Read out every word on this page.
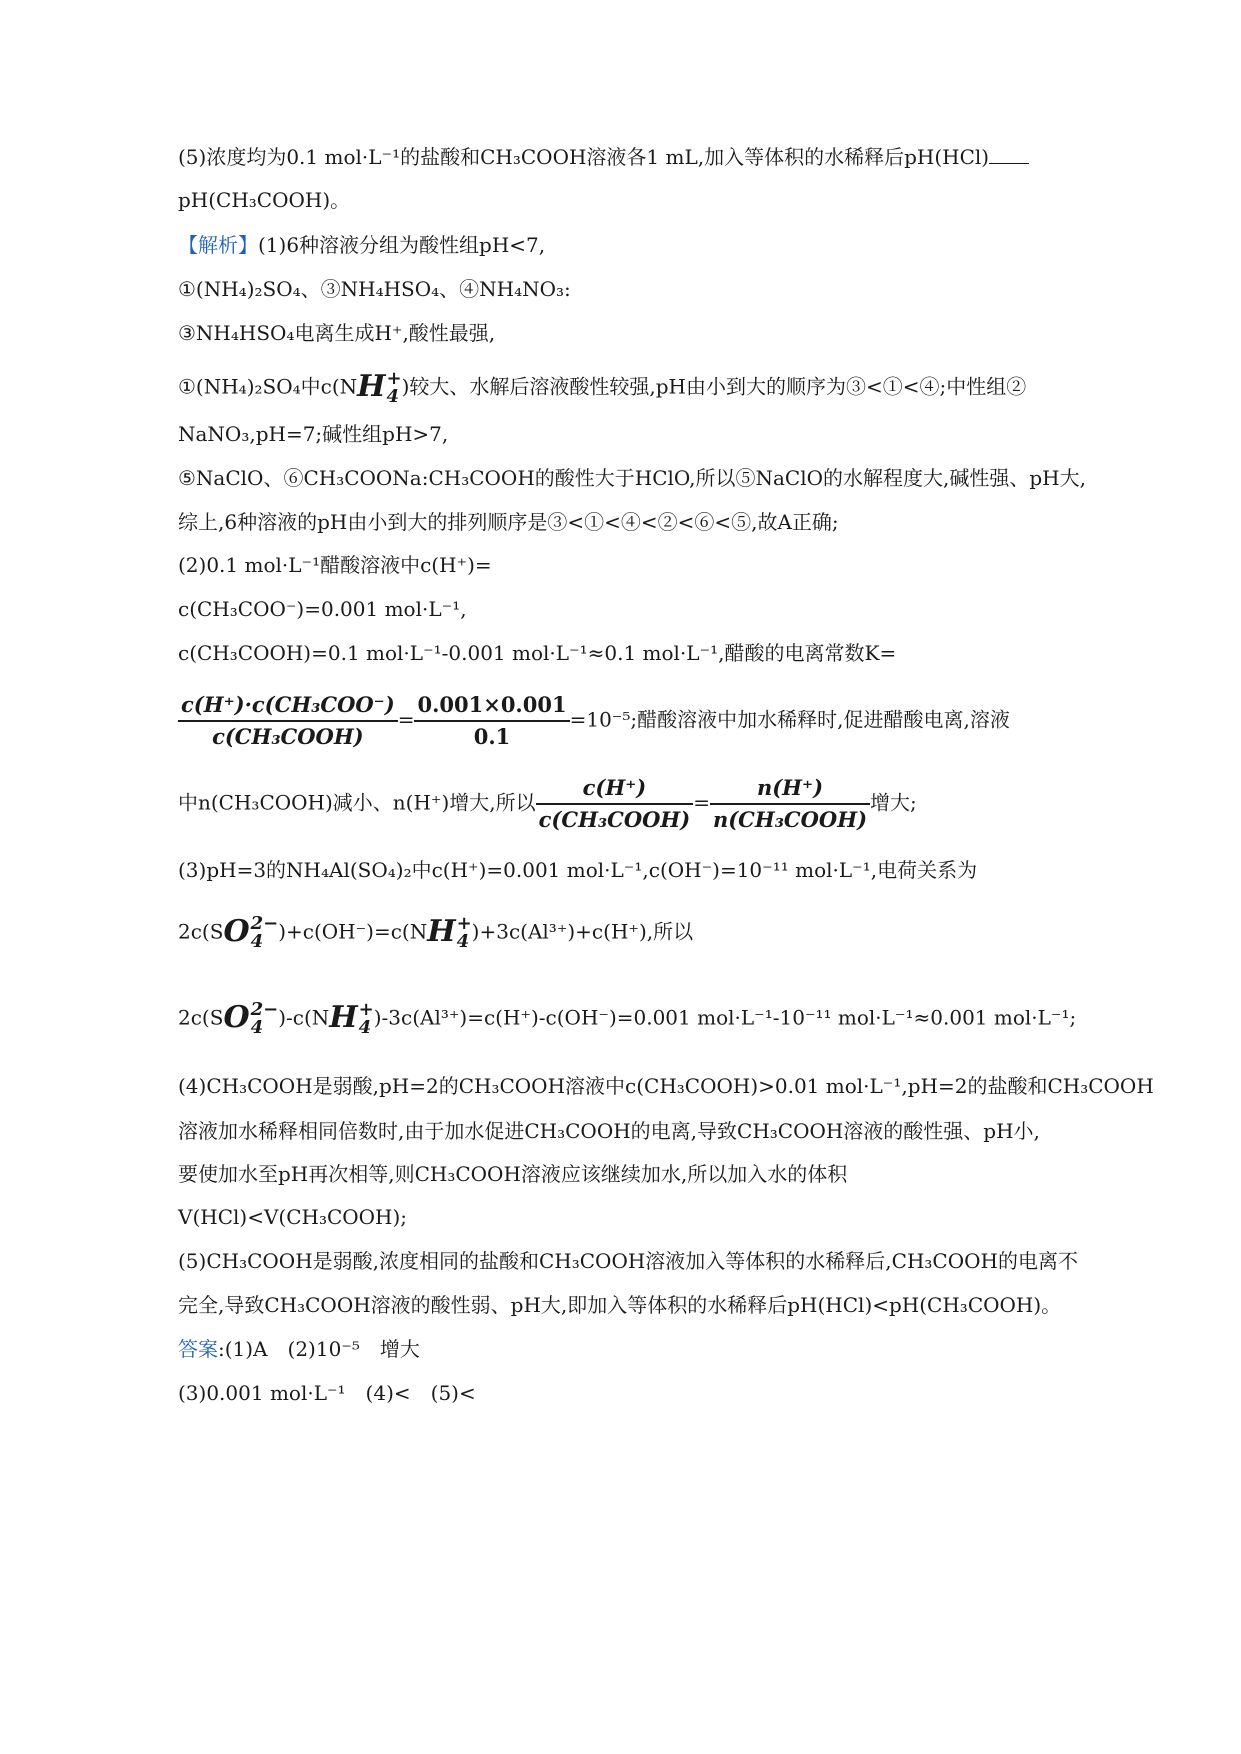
(5)浓度均为0.1 mol·L⁻¹的盐酸和CH₃COOH溶液各1 mL,加入等体积的水稀释后pH(HCl)
pH(CH₃COOH)。
【解析】(1)6种溶液分组为酸性组pH<7,
①(NH₄)₂SO₄、③NH₄HSO₄、④NH₄NO₃:
③NH₄HSO₄电离生成H⁺,酸性最强,
①(NH₄)₂SO₄中c(NH +
4 )较大、水解后溶液酸性较强,pH由小到大的顺序为③<①<④;中性组②
NaNO₃,pH=7;碱性组pH>7,
⑤NaClO、⑥CH₃COONa:CH₃COOH的酸性大于HClO,所以⑤NaClO的水解程度大,碱性强、pH大,
综上,6种溶液的pH由小到大的排列顺序是③<①<④<②<⑥<⑤,故A正确;
(2)0.1 mol·L⁻¹醋酸溶液中c(H⁺)=
c(CH₃COO⁻)=0.001 mol·L⁻¹,
c(CH₃COOH)=0.1 mol·L⁻¹-0.001 mol·L⁻¹≈0.1 mol·L⁻¹,醋酸的电离常数K=
$\frac{\text{c(H⁺)·c(CH₃COO⁻)}}{\text{c(CH₃COOH)}} = \frac{0.001\times 0.001}{0.1} =10^{-5}$;醋酸溶液中加水稀释时,促进醋酸电离,溶液
中n(CH₃COOH)减小、n(H⁺)增大,所以 $\frac{c(H^+)}{\text{c(CH₃COOH)}} = \frac{n(H^+)}{\text{n(CH₃COOH)}}$ 增大;
(3)pH=3的NH₄Al(SO₄)₂中c(H⁺)=0.001 mol·L⁻¹,c(OH⁻)=10⁻¹¹ mol·L⁻¹,电荷关系为
2c(SO 2−
4 )+c(OH⁻)=c(NH +
4 )+3c(Al³⁺)+c(H⁺),所以
2c(SO 2−
4 )-c(NH +
4 )-3c(Al³⁺)=c(H⁺)-c(OH⁻)=0.001 mol·L⁻¹-10⁻¹¹ mol·L⁻¹≈0.001 mol·L⁻¹;
(4)CH₃COOH是弱酸,pH=2的CH₃COOH溶液中c(CH₃COOH)>0.01 mol·L⁻¹,pH=2的盐酸和CH₃COOH
溶液加水稀释相同倍数时,由于加水促进CH₃COOH的电离,导致CH₃COOH溶液的酸性强、pH小,
要使加水至pH再次相等,则CH₃COOH溶液应该继续加水,所以加入水的体积
V(HCl)<V(CH₃COOH);
(5)CH₃COOH是弱酸,浓度相同的盐酸和CH₃COOH溶液加入等体积的水稀释后,CH₃COOH的电离不
完全,导致CH₃COOH溶液的酸性弱、pH大,即加入等体积的水稀释后pH(HCl)<pH(CH₃COOH)。
答案:(1)A　(2)10⁻⁵　增大
(3)0.001 mol·L⁻¹　(4)<　(5)<
